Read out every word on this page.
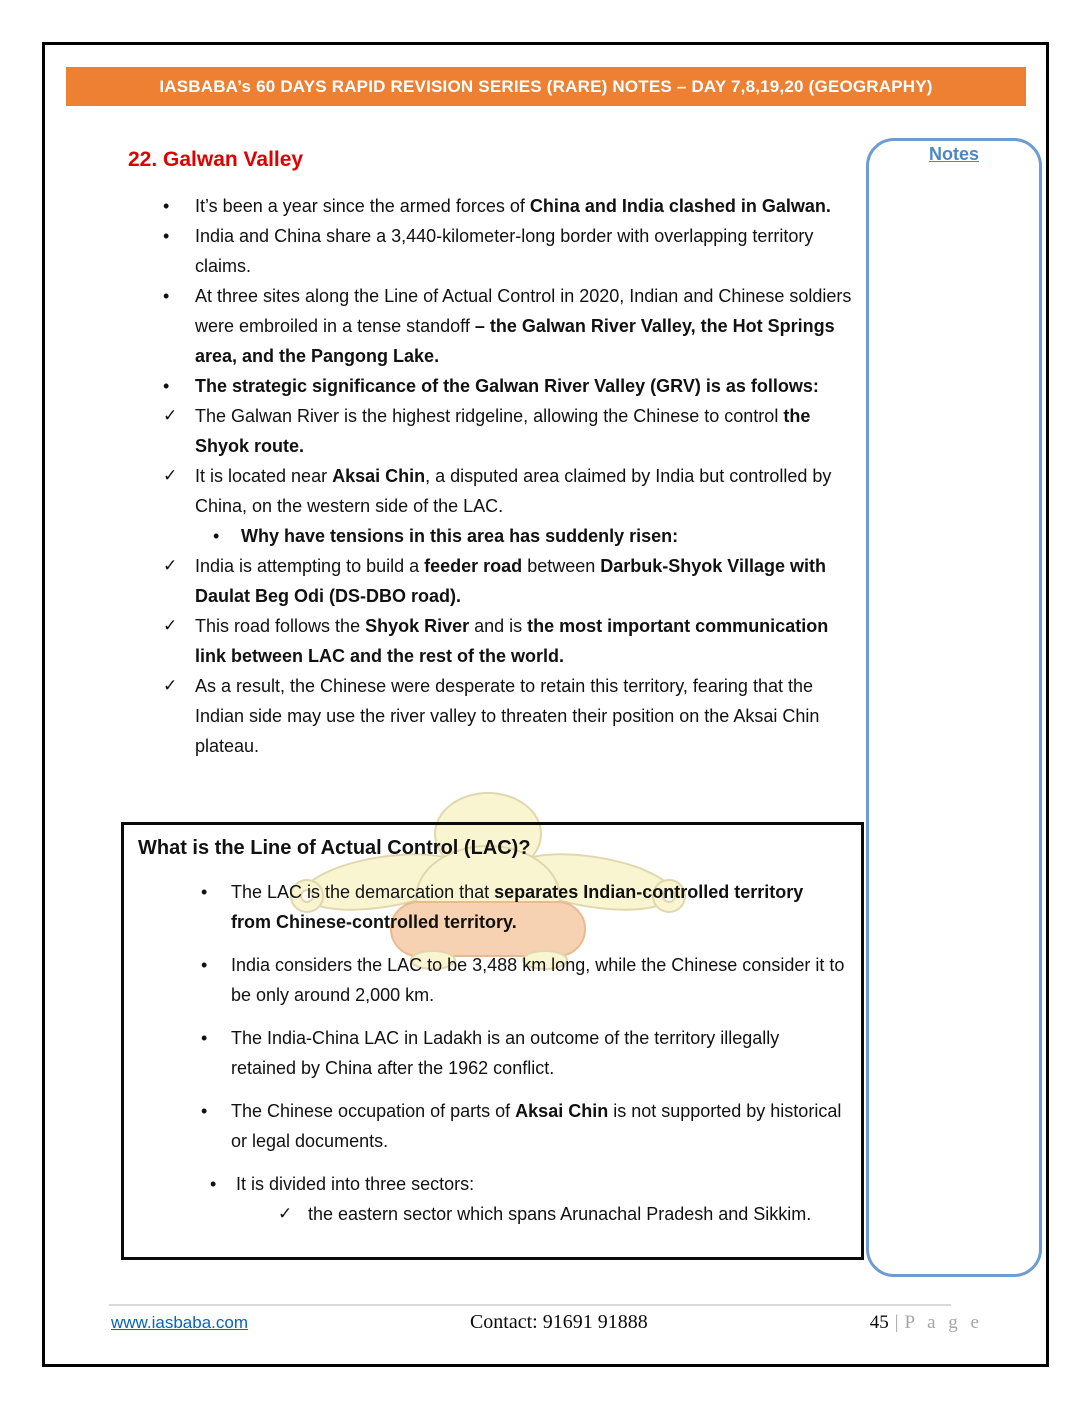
IASBABA’s 60 DAYS RAPID REVISION SERIES (RARE) NOTES – DAY 7,8,19,20 (GEOGRAPHY)
Notes
22. Galwan Valley
•	It’s been a year since the armed forces of China and India clashed in Galwan.
•	India and China share a 3,440-kilometer-long border with overlapping territory claims.
•	At three sites along the Line of Actual Control in 2020, Indian and Chinese soldiers were embroiled in a tense standoff – the Galwan River Valley, the Hot Springs area, and the Pangong Lake.
•	The strategic significance of the Galwan River Valley (GRV) is as follows:
✓ The Galwan River is the highest ridgeline, allowing the Chinese to control the Shyok route.
✓ It is located near Aksai Chin, a disputed area claimed by India but controlled by China, on the western side of the LAC.
•	Why have tensions in this area has suddenly risen:
✓ India is attempting to build a feeder road between Darbuk-Shyok Village with Daulat Beg Odi (DS-DBO road).
✓ This road follows the Shyok River and is the most important communication link between LAC and the rest of the world.
✓ As a result, the Chinese were desperate to retain this territory, fearing that the Indian side may use the river valley to threaten their position on the Aksai Chin plateau.
What is the Line of Actual Control (LAC)?
•	The LAC is the demarcation that separates Indian-controlled territory from Chinese-controlled territory.
•	India considers the LAC to be 3,488 km long, while the Chinese consider it to be only around 2,000 km.
•	The India-China LAC in Ladakh is an outcome of the territory illegally retained by China after the 1962 conflict.
•	The Chinese occupation of parts of Aksai Chin is not supported by historical or legal documents.
•	It is divided into three sectors:
✓ the eastern sector which spans Arunachal Pradesh and Sikkim.
www.iasbaba.com	Contact: 91691 91888	45 | P a g e
